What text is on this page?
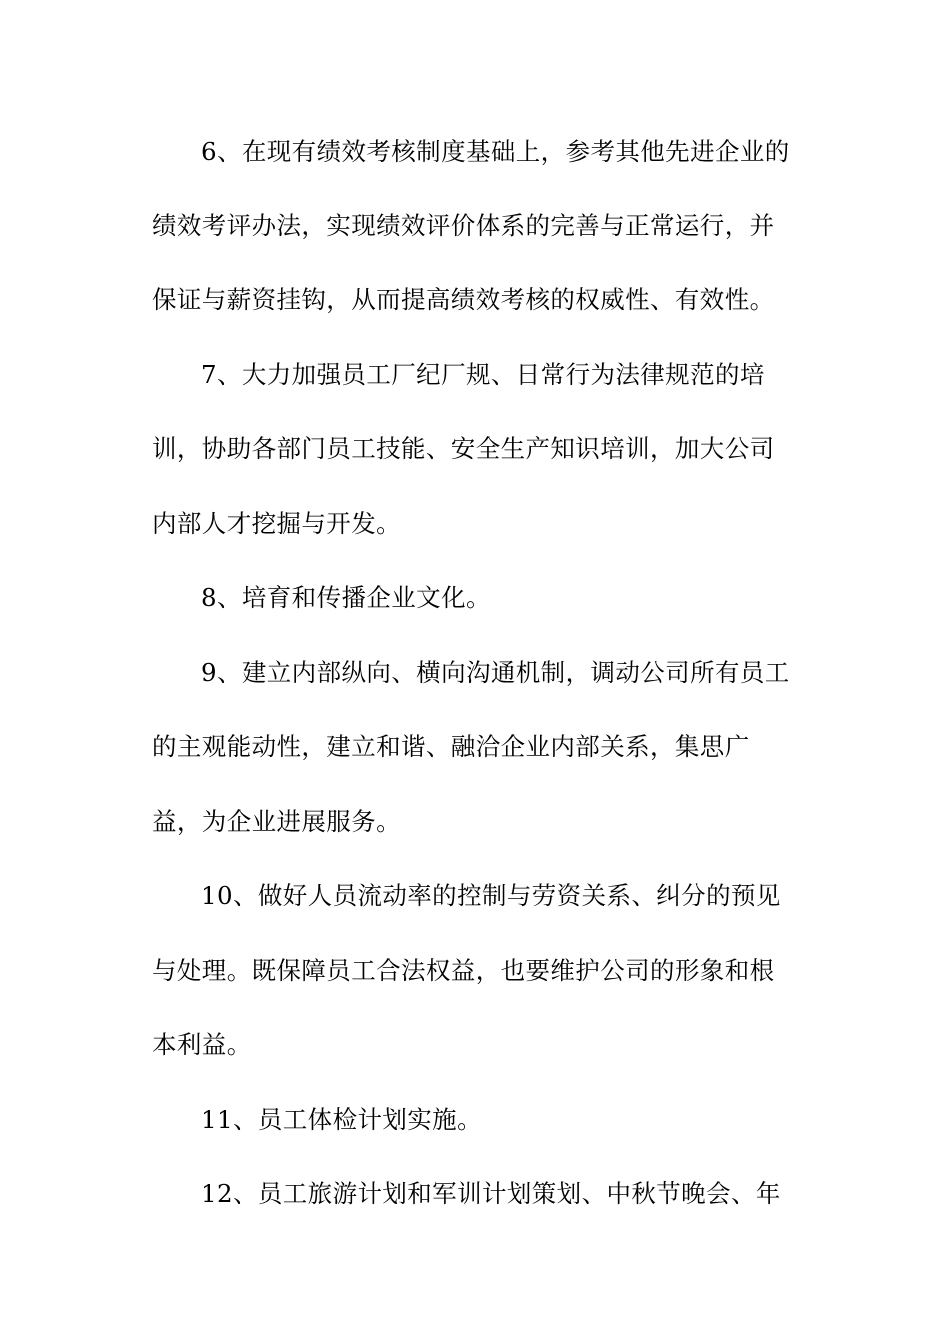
6、在现有绩效考核制度基础上，参考其他先进企业的
绩效考评办法，实现绩效评价体系的完善与正常运行，并
保证与薪资挂钩，从而提高绩效考核的权威性、有效性。
7、大力加强员工厂纪厂规、日常行为法律规范的培
训，协助各部门员工技能、安全生产知识培训，加大公司
内部人才挖掘与开发。
8、培育和传播企业文化。
9、建立内部纵向、横向沟通机制，调动公司所有员工
的主观能动性，建立和谐、融洽企业内部关系，集思广
益，为企业进展服务。
10、做好人员流动率的控制与劳资关系、纠分的预见
与处理。既保障员工合法权益，也要维护公司的形象和根
本利益。
11、员工体检计划实施。
12、员工旅游计划和军训计划策划、中秋节晚会、年
